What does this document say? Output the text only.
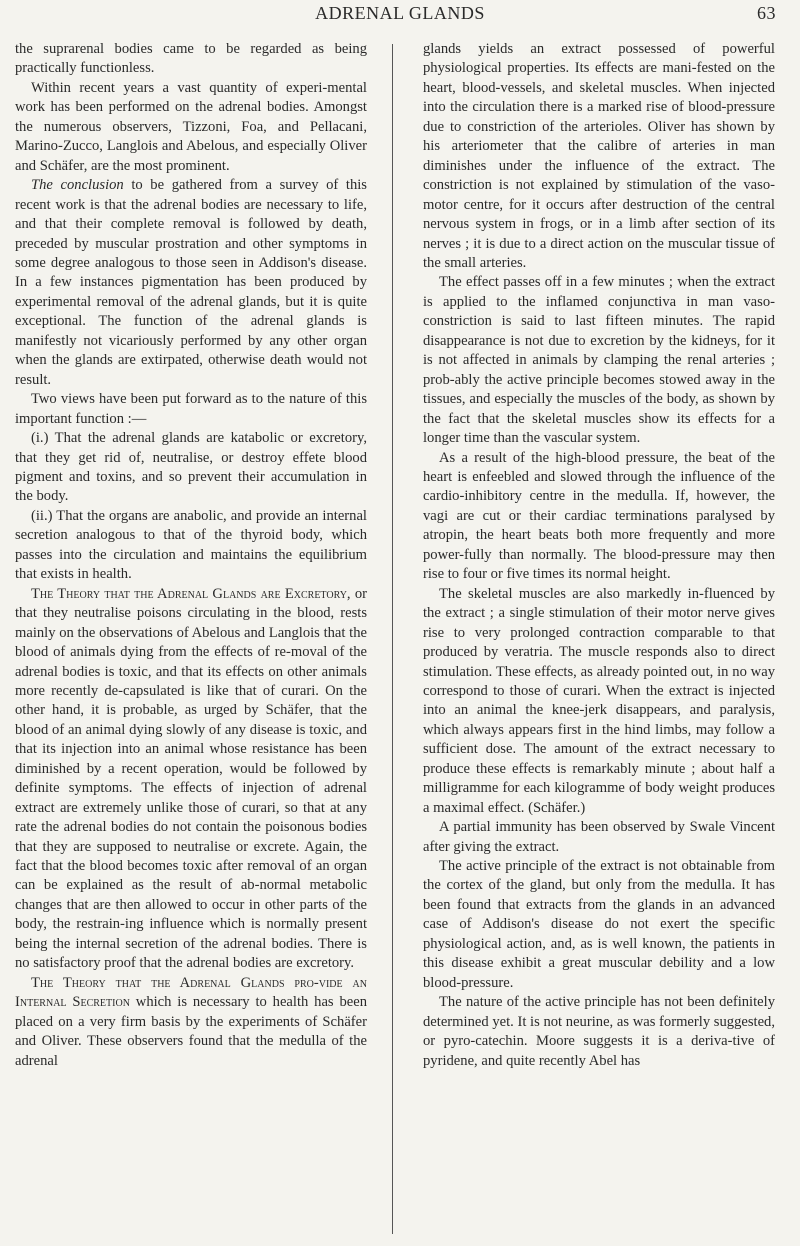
ADRENAL GLANDS	63

the suprarenal bodies came to be regarded as being practically functionless.

Within recent years a vast quantity of experi-mental work has been performed on the adrenal bodies. Amongst the numerous observers, Tizzoni, Foa, and Pellacani, Marino-Zucco, Langlois and Abelous, and especially Oliver and Schäfer, are the most prominent.

The conclusion to be gathered from a survey of this recent work is that the adrenal bodies are necessary to life, and that their complete removal is followed by death, preceded by muscular prostration and other symptoms in some degree analogous to those seen in Addison's disease. In a few instances pigmentation has been produced by experimental removal of the adrenal glands, but it is quite exceptional. The function of the adrenal glands is manifestly not vicariously performed by any other organ when the glands are extirpated, otherwise death would not result.

Two views have been put forward as to the nature of this important function :—

(i.) That the adrenal glands are katabolic or excretory, that they get rid of, neutralise, or destroy effete blood pigment and toxins, and so prevent their accumulation in the body.

(ii.) That the organs are anabolic, and provide an internal secretion analogous to that of the thyroid body, which passes into the circulation and maintains the equilibrium that exists in health.

The Theory that the Adrenal Glands are Excretory, or that they neutralise poisons circulating in the blood, rests mainly on the observations of Abelous and Langlois that the blood of animals dying from the effects of re-moval of the adrenal bodies is toxic, and that its effects on other animals more recently de-capsulated is like that of curari. On the other hand, it is probable, as urged by Schäfer, that the blood of an animal dying slowly of any disease is toxic, and that its injection into an animal whose resistance has been diminished by a recent operation, would be followed by definite symptoms. The effects of injection of adrenal extract are extremely unlike those of curari, so that at any rate the adrenal bodies do not contain the poisonous bodies that they are supposed to neutralise or excrete. Again, the fact that the blood becomes toxic after removal of an organ can be explained as the result of ab-normal metabolic changes that are then allowed to occur in other parts of the body, the restrain-ing influence which is normally present being the internal secretion of the adrenal bodies. There is no satisfactory proof that the adrenal bodies are excretory.

The Theory that the Adrenal Glands pro-vide an Internal Secretion which is necessary to health has been placed on a very firm basis by the experiments of Schäfer and Oliver. These observers found that the medulla of the adrenal

glands yields an extract possessed of powerful physiological properties. Its effects are mani-fested on the heart, blood-vessels, and skeletal muscles. When injected into the circulation there is a marked rise of blood-pressure due to constriction of the arterioles. Oliver has shown by his arteriometer that the calibre of arteries in man diminishes under the influence of the extract. The constriction is not explained by stimulation of the vaso-motor centre, for it occurs after destruction of the central nervous system in frogs, or in a limb after section of its nerves ; it is due to a direct action on the muscular tissue of the small arteries.

The effect passes off in a few minutes ; when the extract is applied to the inflamed conjunctiva in man vaso-constriction is said to last fifteen minutes. The rapid disappearance is not due to excretion by the kidneys, for it is not affected in animals by clamping the renal arteries ; prob-ably the active principle becomes stowed away in the tissues, and especially the muscles of the body, as shown by the fact that the skeletal muscles show its effects for a longer time than the vascular system.

As a result of the high-blood pressure, the beat of the heart is enfeebled and slowed through the influence of the cardio-inhibitory centre in the medulla. If, however, the vagi are cut or their cardiac terminations paralysed by atropin, the heart beats both more frequently and more power-fully than normally. The blood-pressure may then rise to four or five times its normal height.

The skeletal muscles are also markedly in-fluenced by the extract ; a single stimulation of their motor nerve gives rise to very prolonged contraction comparable to that produced by veratria. The muscle responds also to direct stimulation. These effects, as already pointed out, in no way correspond to those of curari. When the extract is injected into an animal the knee-jerk disappears, and paralysis, which always appears first in the hind limbs, may follow a sufficient dose. The amount of the extract necessary to produce these effects is remarkably minute ; about half a milligramme for each kilogramme of body weight produces a maximal effect. (Schäfer.)

A partial immunity has been observed by Swale Vincent after giving the extract.

The active principle of the extract is not obtainable from the cortex of the gland, but only from the medulla. It has been found that extracts from the glands in an advanced case of Addison's disease do not exert the specific physiological action, and, as is well known, the patients in this disease exhibit a great muscular debility and a low blood-pressure.

The nature of the active principle has not been definitely determined yet. It is not neurine, as was formerly suggested, or pyro-catechin. Moore suggests it is a deriva-tive of pyridene, and quite recently Abel has
